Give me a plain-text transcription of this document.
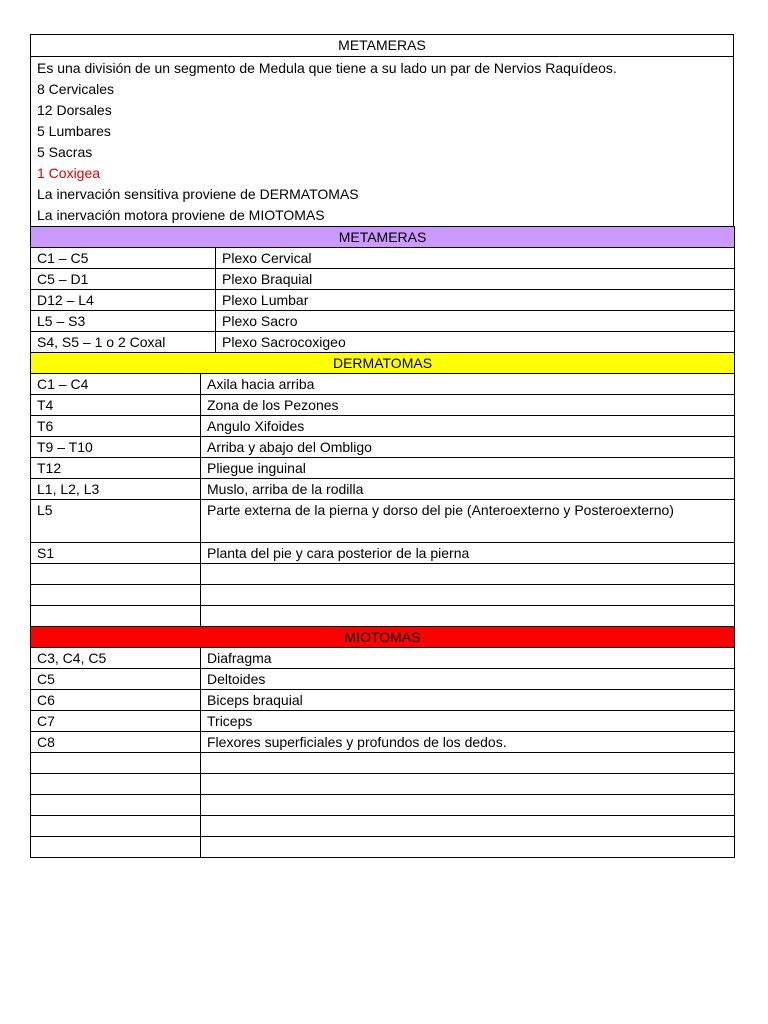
METAMERAS

Es una división de un segmento de Medula que tiene a su lado un par de Nervios Raquídeos.
8 Cervicales
12 Dorsales
5 Lumbares
5 Sacras
1 Coxigea
La inervación sensitiva proviene de DERMATOMAS
La inervación motora proviene de MIOTOMAS
METAMERAS	
C1 – C5	Plexo Cervical
C5 – D1	Plexo Braquial
D12 – L4	Plexo Lumbar
L5 – S3	Plexo Sacro
S4, S5 – 1 o 2 Coxal	Plexo Sacrocoxigeo
DERMATOMAS	
C1 – C4	Axila hacia arriba
T4	Zona de los Pezones
T6	Angulo Xifoides
T9 – T10	Arriba y abajo del Ombligo
T12	Pliegue inguinal
L1, L2, L3	Muslo, arriba de la rodilla
L5	Parte externa de la pierna y dorso del pie (Anteroexterno y Posteroexterno)
S1	Planta del pie y cara posterior de la pierna

MIOTOMAS	
C3, C4, C5	Diafragma
C5	Deltoides
C6	Biceps braquial
C7	Triceps
C8	Flexores superficiales y profundos de los dedos.
